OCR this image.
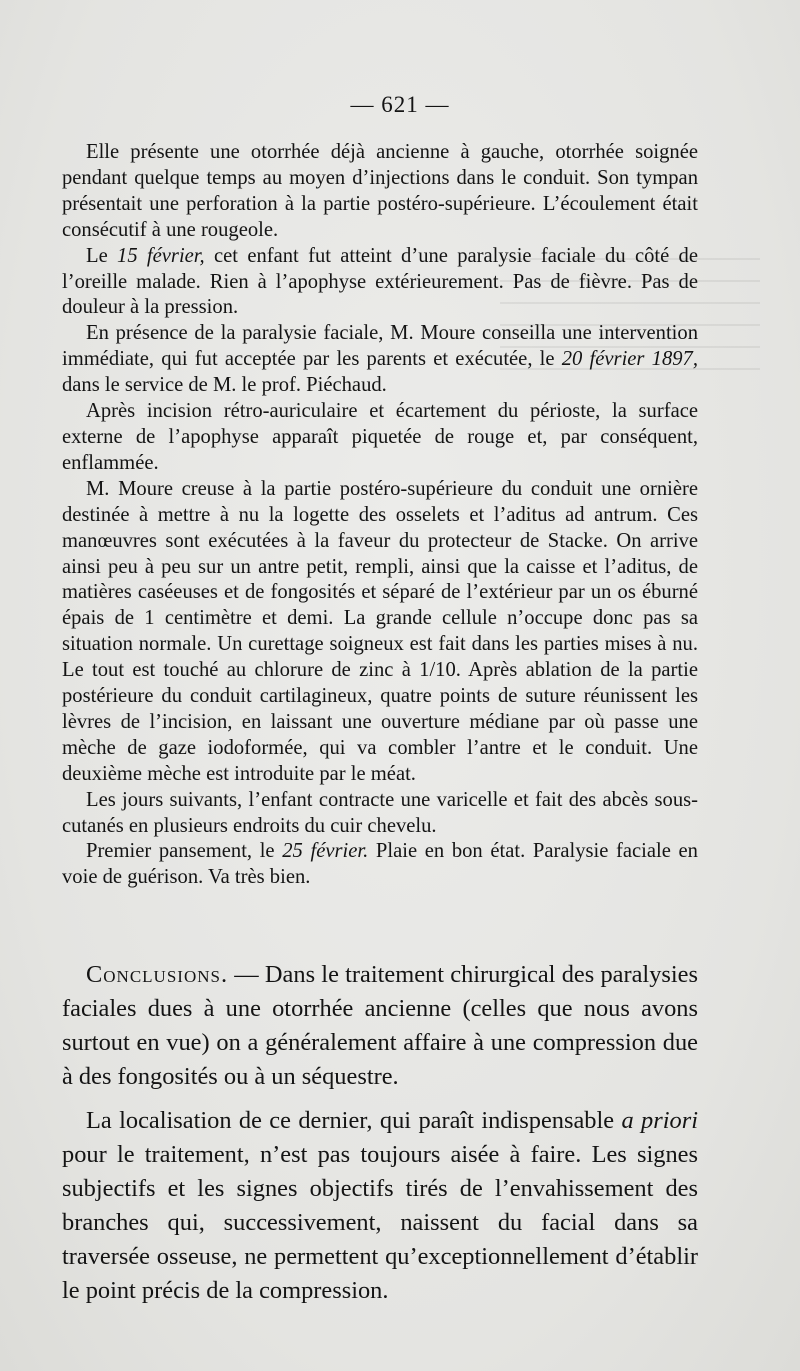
— 621 —

Elle présente une otorrhée déjà ancienne à gauche, otorrhée soignée pendant quelque temps au moyen d’injections dans le conduit. Son tympan présentait une perforation à la partie postéro-supérieure. L’écoulement était consécutif à une rougeole.

Le 15 février, cet enfant fut atteint d’une paralysie faciale du côté de l’oreille malade. Rien à l’apophyse extérieurement. Pas de fièvre. Pas de douleur à la pression.

En présence de la paralysie faciale, M. Moure conseilla une intervention immédiate, qui fut acceptée par les parents et exécutée, le 20 février 1897, dans le service de M. le prof. Piéchaud.

Après incision rétro-auriculaire et écartement du périoste, la surface externe de l’apophyse apparaît piquetée de rouge et, par conséquent, enflammée.

M. Moure creuse à la partie postéro-supérieure du conduit une ornière destinée à mettre à nu la logette des osselets et l’aditus ad antrum. Ces manœuvres sont exécutées à la faveur du protecteur de Stacke. On arrive ainsi peu à peu sur un antre petit, rempli, ainsi que la caisse et l’aditus, de matières caséeuses et de fongosités et séparé de l’extérieur par un os éburné épais de 1 centimètre et demi. La grande cellule n’occupe donc pas sa situation normale. Un curettage soigneux est fait dans les parties mises à nu. Le tout est touché au chlorure de zinc à 1/10. Après ablation de la partie postérieure du conduit cartilagineux, quatre points de suture réunissent les lèvres de l’incision, en laissant une ouverture médiane par où passe une mèche de gaze iodoformée, qui va combler l’antre et le conduit. Une deuxième mèche est introduite par le méat.

Les jours suivants, l’enfant contracte une varicelle et fait des abcès sous-cutanés en plusieurs endroits du cuir chevelu.

Premier pansement, le 25 février. Plaie en bon état. Paralysie faciale en voie de guérison. Va très bien.

Conclusions. — Dans le traitement chirurgical des paralysies faciales dues à une otorrhée ancienne (celles que nous avons surtout en vue) on a généralement affaire à une compression due à des fongosités ou à un séquestre.

La localisation de ce dernier, qui paraît indispensable a priori pour le traitement, n’est pas toujours aisée à faire. Les signes subjectifs et les signes objectifs tirés de l’envahissement des branches qui, successivement, naissent du facial dans sa traversée osseuse, ne permettent qu’exceptionnellement d’établir le point précis de la compression.
